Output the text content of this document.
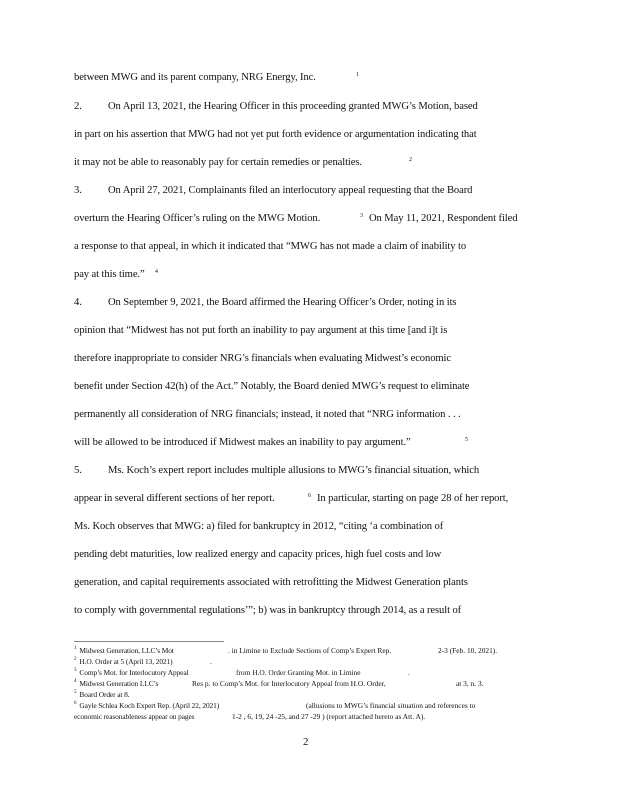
between MWG and its parent company, NRG Energy, Inc.	1
2. On April 13, 2021, the Hearing Officer in this proceeding granted MWG’s Motion, based
in part on his assertion that MWG had not yet put forth evidence or argumentation indicating that
it may not be able to reasonably pay for certain remedies or penalties.	2
3. On April 27, 2021, Complainants filed an interlocutory appeal requesting that the Board
overturn the Hearing Officer’s ruling on the MWG Motion.	3 On May 11, 2021, Respondent filed
a response to that appeal, in which it indicated that “MWG has not made a claim of inability to
pay at this time.” 4
4. On September 9, 2021, the Board affirmed the Hearing Officer’s Order, noting in its
opinion that “Midwest has not put forth an inability to pay argument at this time [and i]t is
therefore inappropriate to consider NRG’s financials when evaluating Midwest’s economic
benefit under Section 42(h) of the Act.” Notably, the Board denied MWG’s request to eliminate
permanently all consideration of NRG financials; instead, it noted that “NRG information . . .
will be allowed to be introduced if Midwest makes an inability to pay argument.”	5
5. Ms. Koch’s expert report includes multiple allusions to MWG’s financial situation, which
appear in several different sections of her report.	6 In particular, starting on page 28 of her report,
Ms. Koch observes that MWG: a) filed for bankruptcy in 2012, “citing ‘a combination of
pending debt maturities, low realized energy and capacity prices, high fuel costs and low
generation, and capital requirements associated with retrofitting the Midwest Generation plants
to comply with governmental regulations’”; b) was in bankruptcy through 2014, as a result of
$^1$ Midwest Generation, LLC’s Mot	. in Limine to Exclude Sections of Comp’s Expert Rep.	2-3 (Feb. 10, 2021).
$^2$ H.O. Order at 5 (April 13, 2021)	.
$^3$ Comp’s Mot. for Interlocutory Appeal	from H.O. Order Granting Mot. in Limine	.
$^4$ Midwest Generation LLC’s	Res p. to Comp’s Mot. for Interlocutory Appeal from H.O. Order,	at 3, n. 3.
$^5$ Board Order at 8.
$^6$ Gayle Schlea Koch Expert Rep. (April 22, 2021)	(allusions to MWG’s financial situation and references to
economic reasonableness appear on pages	1-2 , 6, 19, 24 -25, and 27 -29 ) (report attached hereto as Att. A).
2
